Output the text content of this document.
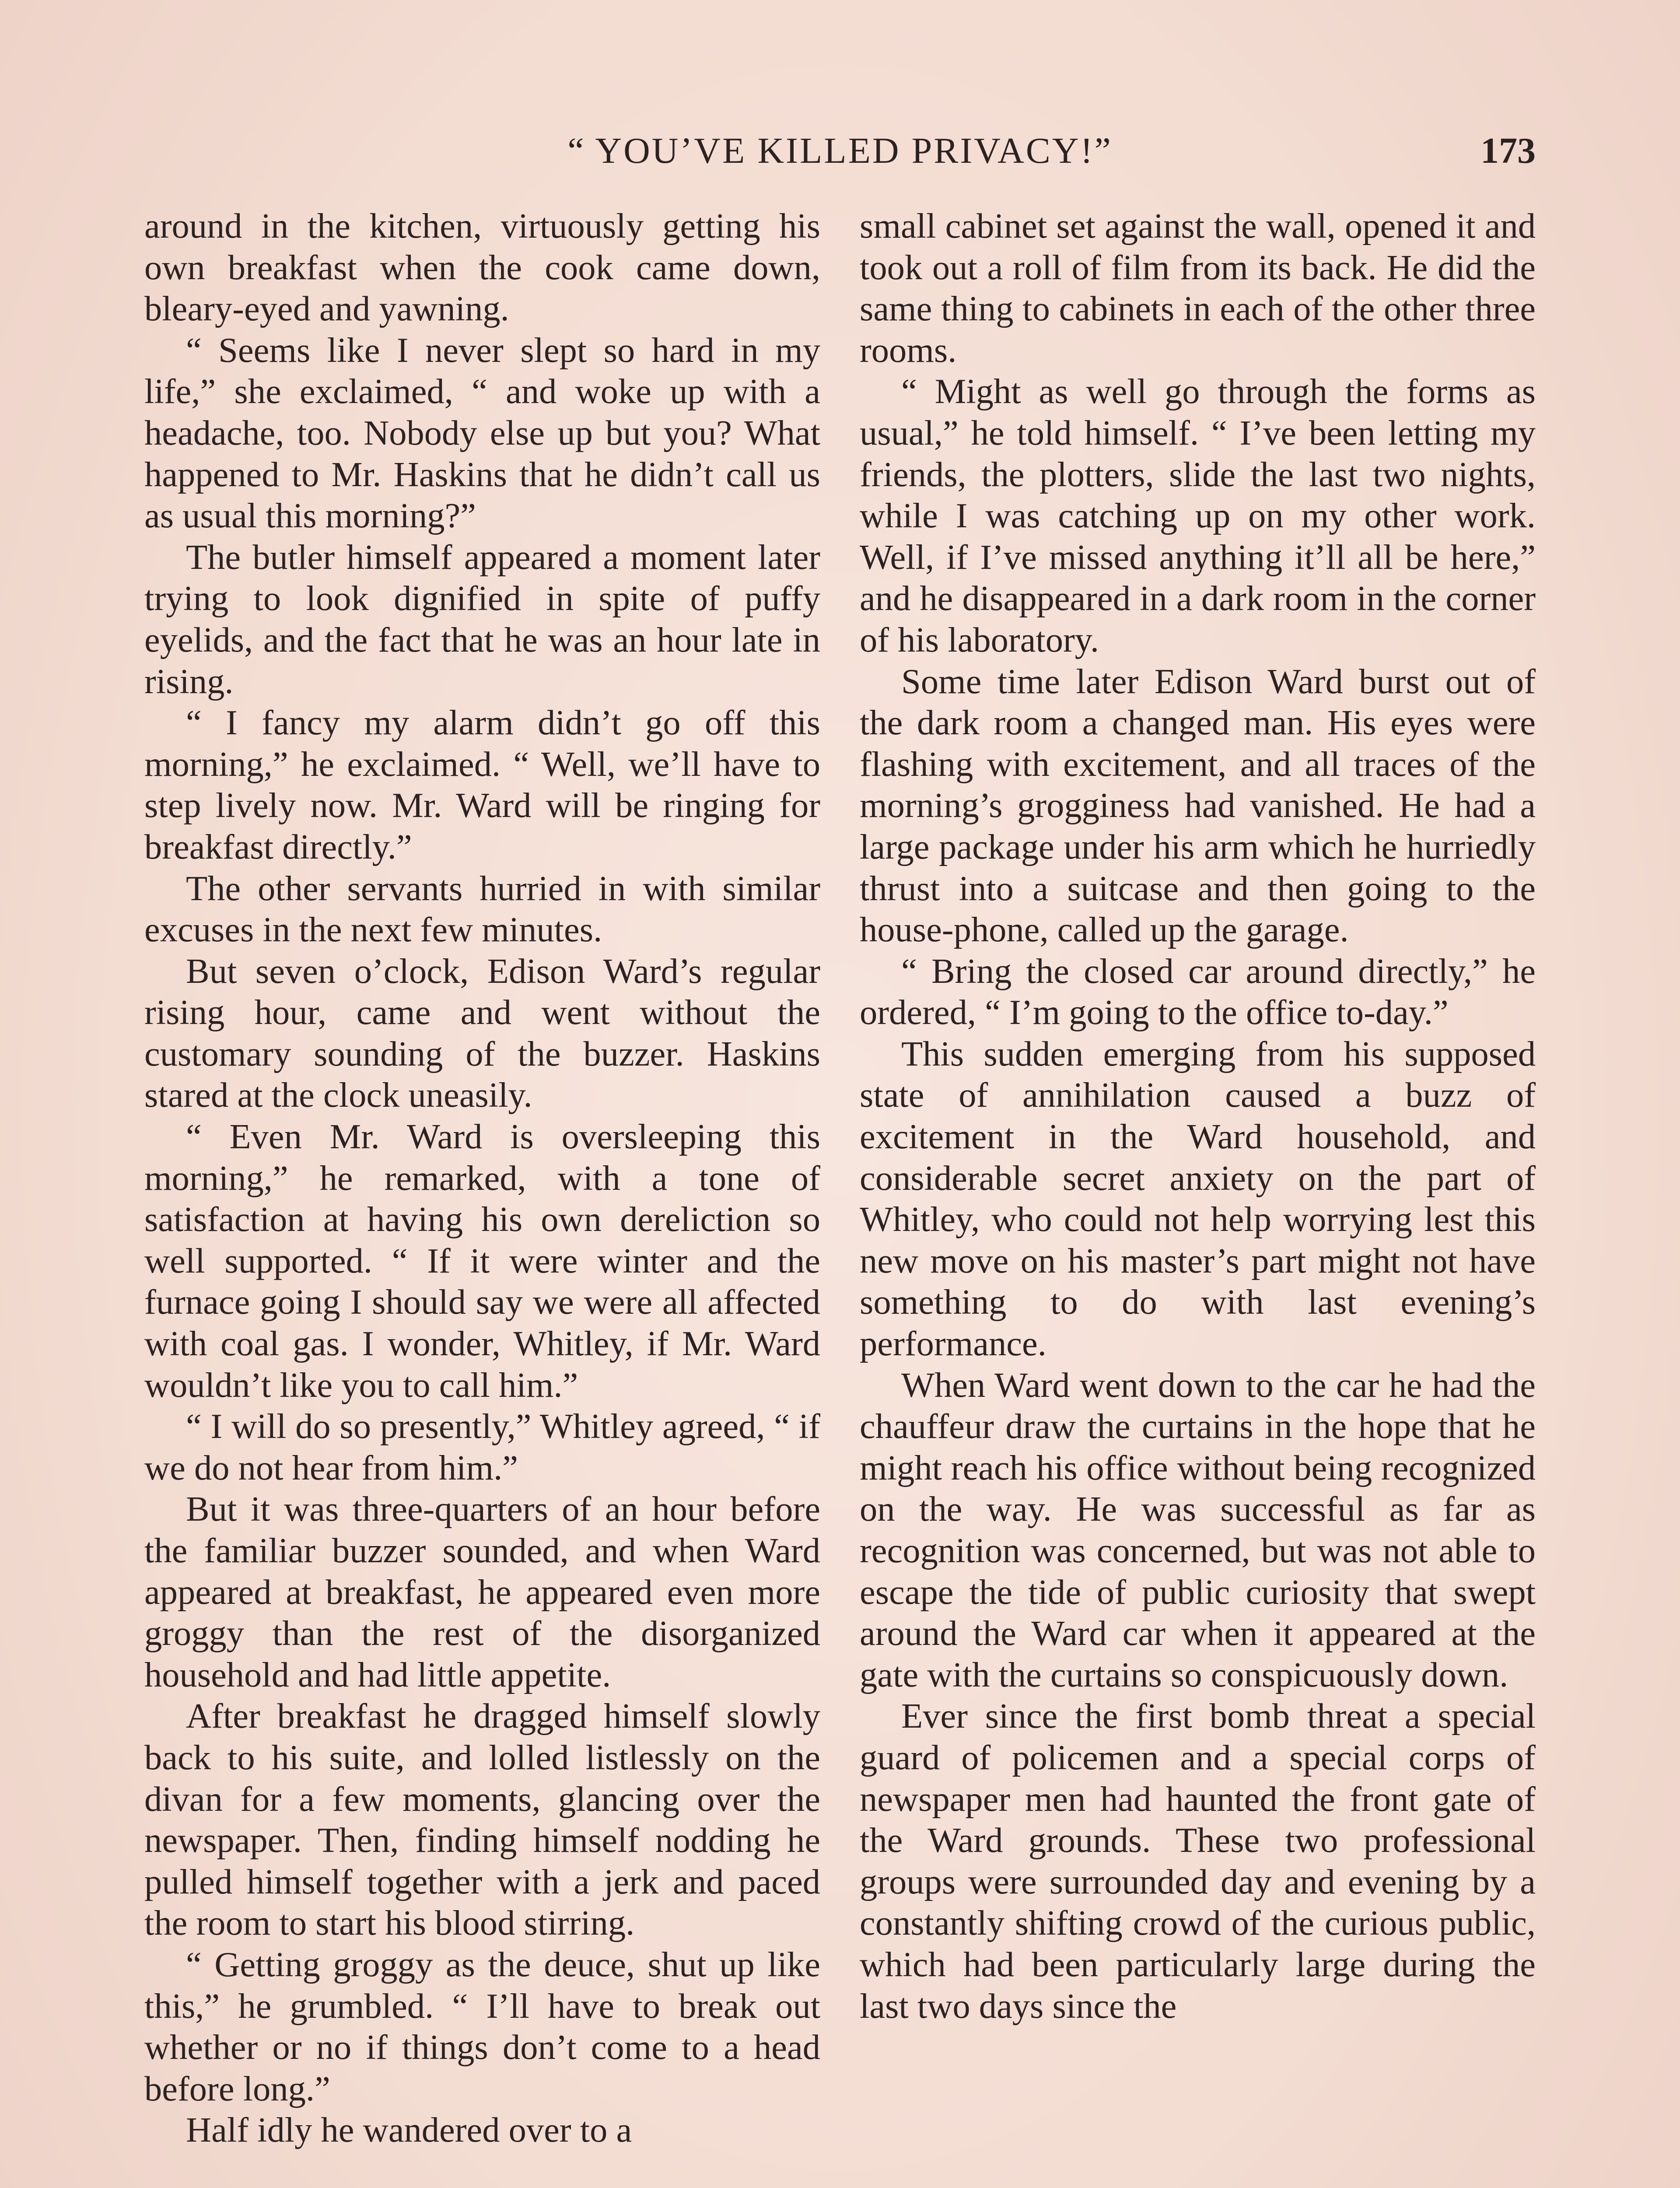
“ YOU’VE KILLED PRIVACY!”	173

around in the kitchen, virtuously getting his own breakfast when the cook came down, bleary-eyed and yawning.

“ Seems like I never slept so hard in my life,” she exclaimed, “ and woke up with a headache, too. Nobody else up but you? What happened to Mr. Haskins that he didn’t call us as usual this morning?”

The butler himself appeared a moment later trying to look dignified in spite of puffy eyelids, and the fact that he was an hour late in rising.

“ I fancy my alarm didn’t go off this morning,” he exclaimed. “ Well, we’ll have to step lively now. Mr. Ward will be ringing for breakfast directly.”

The other servants hurried in with similar excuses in the next few minutes.

But seven o’clock, Edison Ward’s regular rising hour, came and went without the customary sounding of the buzzer. Haskins stared at the clock uneasily.

“ Even Mr. Ward is oversleeping this morning,” he remarked, with a tone of satisfaction at having his own dereliction so well supported. “ If it were winter and the furnace going I should say we were all affected with coal gas. I wonder, Whitley, if Mr. Ward wouldn’t like you to call him.”

“ I will do so presently,” Whitley agreed, “ if we do not hear from him.”

But it was three-quarters of an hour before the familiar buzzer sounded, and when Ward appeared at breakfast, he appeared even more groggy than the rest of the disorganized household and had little appetite.

After breakfast he dragged himself slowly back to his suite, and lolled listlessly on the divan for a few moments, glancing over the newspaper. Then, finding himself nodding he pulled himself together with a jerk and paced the room to start his blood stirring.

“ Getting groggy as the deuce, shut up like this,” he grumbled. “ I’ll have to break out whether or no if things don’t come to a head before long.”

Half idly he wandered over to a

small cabinet set against the wall, opened it and took out a roll of film from its back. He did the same thing to cabinets in each of the other three rooms.

“ Might as well go through the forms as usual,” he told himself. “ I’ve been letting my friends, the plotters, slide the last two nights, while I was catching up on my other work. Well, if I’ve missed anything it’ll all be here,” and he disappeared in a dark room in the corner of his laboratory.

Some time later Edison Ward burst out of the dark room a changed man. His eyes were flashing with excitement, and all traces of the morning’s grogginess had vanished. He had a large package under his arm which he hurriedly thrust into a suitcase and then going to the house-phone, called up the garage.

“ Bring the closed car around directly,” he ordered, “ I’m going to the office to-day.”

This sudden emerging from his supposed state of annihilation caused a buzz of excitement in the Ward household, and considerable secret anxiety on the part of Whitley, who could not help worrying lest this new move on his master’s part might not have something to do with last evening’s performance.

When Ward went down to the car he had the chauffeur draw the curtains in the hope that he might reach his office without being recognized on the way. He was successful as far as recognition was concerned, but was not able to escape the tide of public curiosity that swept around the Ward car when it appeared at the gate with the curtains so conspicuously down.

Ever since the first bomb threat a special guard of policemen and a special corps of newspaper men had haunted the front gate of the Ward grounds. These two professional groups were surrounded day and evening by a constantly shifting crowd of the curious public, which had been particularly large during the last two days since the
